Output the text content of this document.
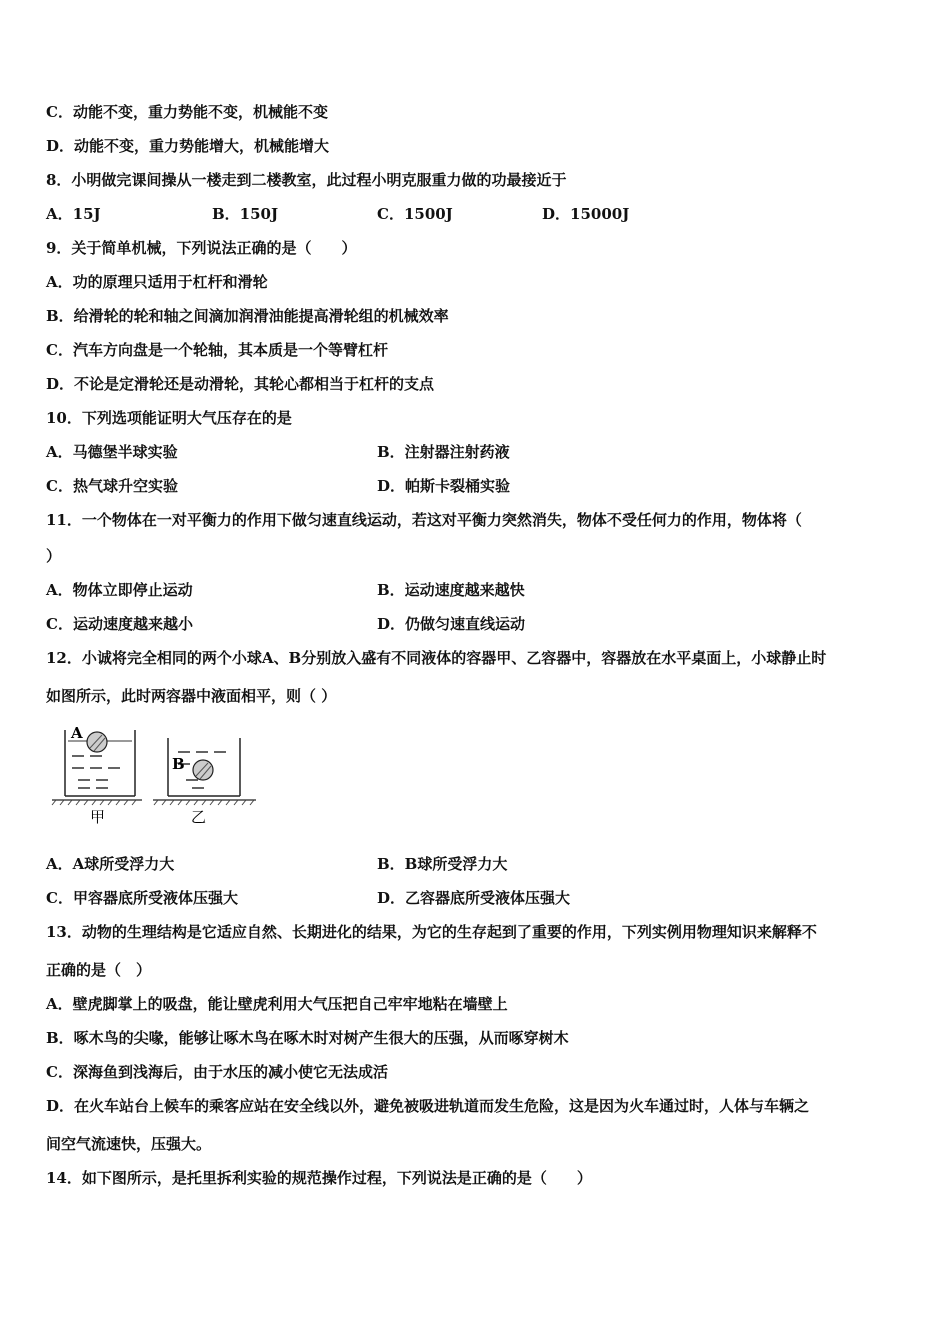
C．动能不变，重力势能不变，机械能不变
D．动能不变，重力势能增大，机械能增大
8．小明做完课间操从一楼走到二楼教室，此过程小明克服重力做的功最接近于
A．15J	B．150J	C．1500J	D．15000J
9．关于简单机械，下列说法正确的是（　　）
A．功的原理只适用于杠杆和滑轮
B．给滑轮的轮和轴之间滴加润滑油能提高滑轮组的机械效率
C．汽车方向盘是一个轮轴，其本质是一个等臂杠杆
D．不论是定滑轮还是动滑轮，其轮心都相当于杠杆的支点
10．下列选项能证明大气压存在的是
A．马德堡半球实验	B．注射器注射药液
C．热气球升空实验	D．帕斯卡裂桶实验
11．一个物体在一对平衡力的作用下做匀速直线运动，若这对平衡力突然消失，物体不受任何力的作用，物体将（
）
A．物体立即停止运动	B．运动速度越来越快
C．运动速度越来越小	D．仍做匀速直线运动
12．小诚将完全相同的两个小球A、B分别放入盛有不同液体的容器甲、乙容器中，容器放在水平桌面上，小球静止时
如图所示，此时两容器中液面相平，则（ ）
A
B
甲	乙
A．A球所受浮力大	B．B球所受浮力大
C．甲容器底所受液体压强大	D．乙容器底所受液体压强大
13．动物的生理结构是它适应自然、长期进化的结果，为它的生存起到了重要的作用，下列实例用物理知识来解释不
正确的是（　）
A．壁虎脚掌上的吸盘，能让壁虎利用大气压把自己牢牢地粘在墙壁上
B．啄木鸟的尖喙，能够让啄木鸟在啄木时对树产生很大的压强，从而啄穿树木
C．深海鱼到浅海后，由于水压的减小使它无法成活
D．在火车站台上候车的乘客应站在安全线以外，避免被吸进轨道而发生危险，这是因为火车通过时，人体与车辆之
间空气流速快，压强大。
14．如下图所示，是托里拆利实验的规范操作过程，下列说法是正确的是（　　）
